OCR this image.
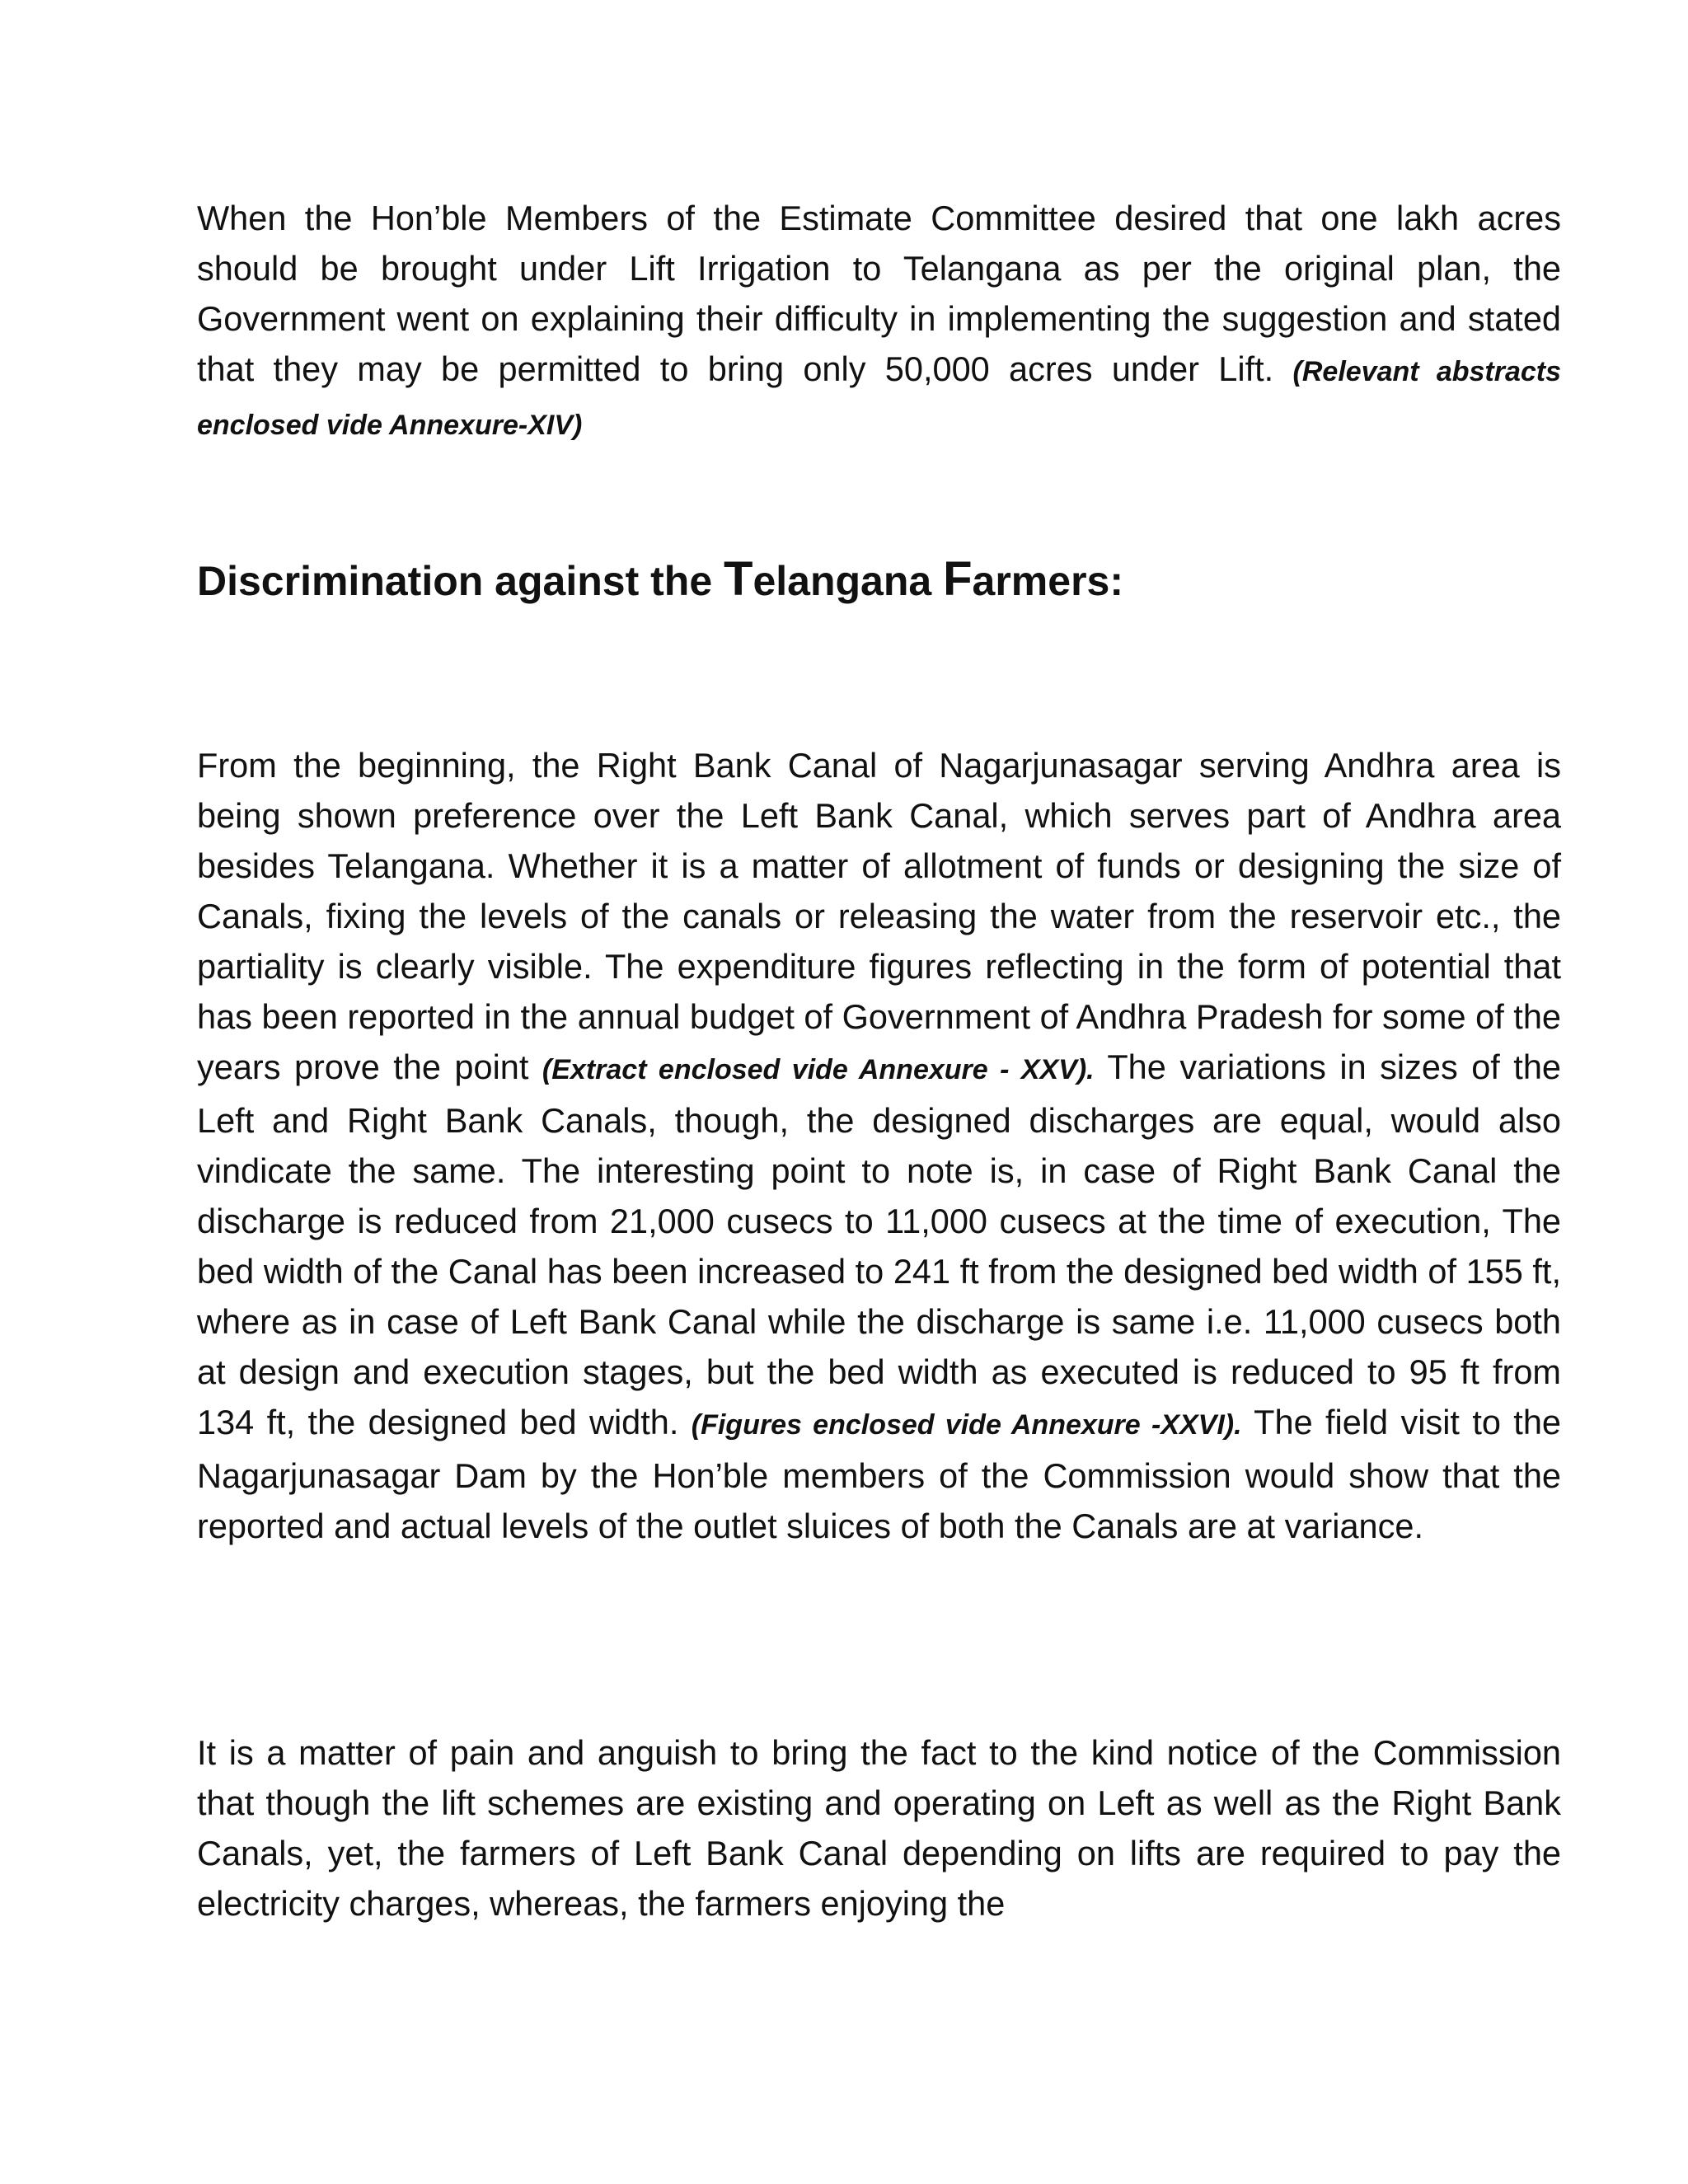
When the Hon’ble Members of the Estimate Committee desired that one lakh acres should be brought under Lift Irrigation to Telangana as per the original plan, the Government went on explaining their difficulty in implementing the suggestion and stated that they may be permitted to bring only 50,000 acres under Lift. (Relevant abstracts enclosed vide Annexure-XIV)

Discrimination against the Telangana Farmers:

From the beginning, the Right Bank Canal of Nagarjunasagar serving Andhra area is being shown preference over the Left Bank Canal, which serves part of Andhra area besides Telangana. Whether it is a matter of allotment of funds or designing the size of Canals, fixing the levels of the canals or releasing the water from the reservoir etc., the partiality is clearly visible. The expenditure figures reflecting in the form of potential that has been reported in the annual budget of Government of Andhra Pradesh for some of the years prove the point (Extract enclosed vide Annexure - XXV). The variations in sizes of the Left and Right Bank Canals, though, the designed discharges are equal, would also vindicate the same. The interesting point to note is, in case of Right Bank Canal the discharge is reduced from 21,000 cusecs to 11,000 cusecs at the time of execution, The bed width of the Canal has been increased to 241 ft from the designed bed width of 155 ft, where as in case of Left Bank Canal while the discharge is same i.e. 11,000 cusecs both at design and execution stages, but the bed width as executed is reduced to 95 ft from 134 ft, the designed bed width. (Figures enclosed vide Annexure -XXVI). The field visit to the Nagarjunasagar Dam by the Hon’ble members of the Commission would show that the reported and actual levels of the outlet sluices of both the Canals are at variance.

It is a matter of pain and anguish to bring the fact to the kind notice of the Commission that though the lift schemes are existing and operating on Left as well as the Right Bank Canals, yet, the farmers of Left Bank Canal depending on lifts are required to pay the electricity charges, whereas, the farmers enjoying the
